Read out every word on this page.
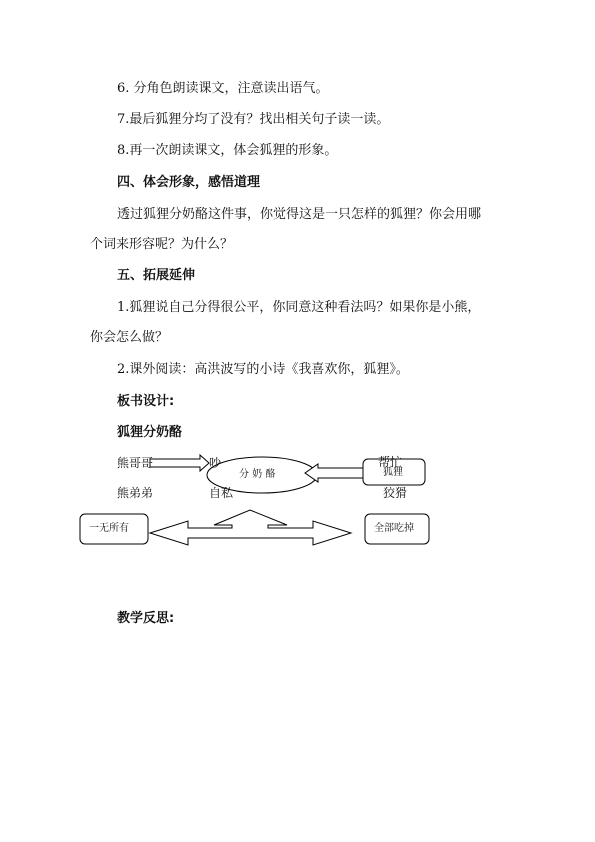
6. 分角色朗读课文，注意读出语气。
7.最后狐狸分均了没有？找出相关句子读一读。
8.再一次朗读课文，体会狐狸的形象。
四、体会形象，感悟道理
透过狐狸分奶酪这件事，你觉得这是一只怎样的狐狸？你会用哪
个词来形容呢？为什么？
五、拓展延伸
1.狐狸说自己分得很公平，你同意这种看法吗？如果你是小熊，
你会怎么做？
2.课外阅读：高洪波写的小诗《我喜欢你，狐狸》。
板书设计:
狐狸分奶酪
熊哥哥
熊弟弟
吵
自私
分 奶 酪
帮忙
狐狸
狡猾
一无所有	全部吃掉
教学反思:
